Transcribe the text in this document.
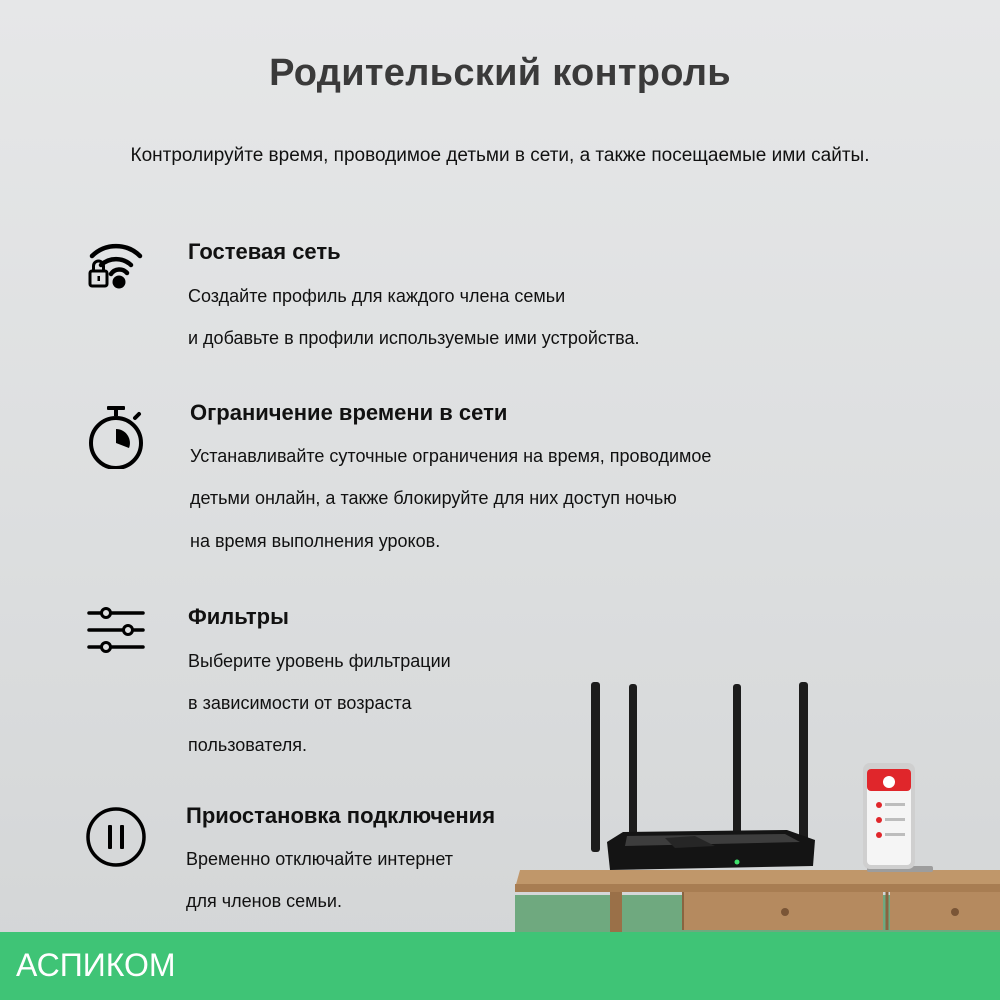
Родительский контроль
Контролируйте время, проводимое детьми в сети, а также посещаемые ими сайты.
Гостевая сеть

Создайте профиль для каждого члена семьи

и добавьте в профили используемые ими устройства.

Ограничение времени в сети

Устанавливайте суточные ограничения на время, проводимое

детьми онлайн, а также блокируйте для них доступ ночью

на время выполнения уроков.

Фильтры

Выберите уровень фильтрации

в зависимости от возраста

пользователя.

Приостановка подключения

Временно отключайте интернет

для членов семьи.

АСПИКОМ
